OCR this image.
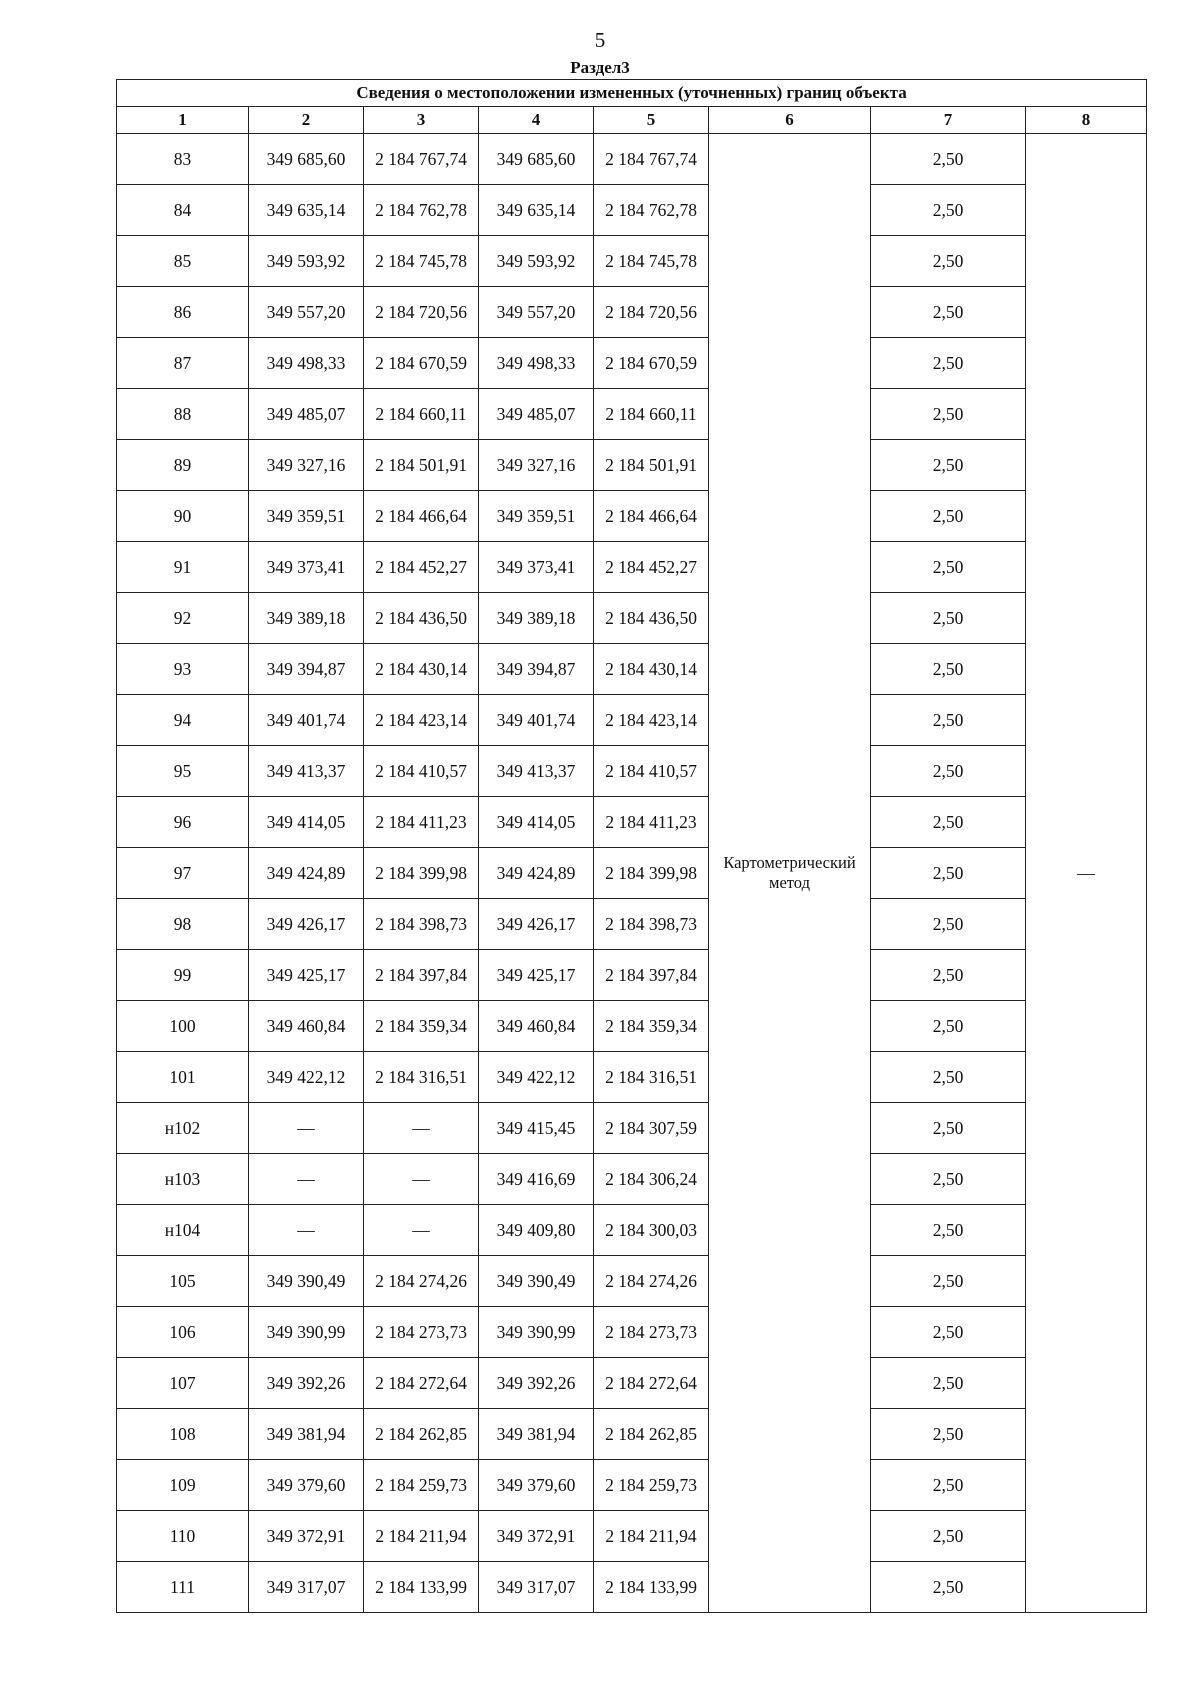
5
Раздел3
Сведения о местоположении измененных (уточненных) границ объекта							
1	2	3	4	5	6	7	8
83	349 685,60	2 184 767,74	349 685,60	2 184 767,74	Картометрический метод	2,50	—
84	349 635,14	2 184 762,78	349 635,14	2 184 762,78		2,50	
85	349 593,92	2 184 745,78	349 593,92	2 184 745,78		2,50	
86	349 557,20	2 184 720,56	349 557,20	2 184 720,56		2,50	
87	349 498,33	2 184 670,59	349 498,33	2 184 670,59		2,50	
88	349 485,07	2 184 660,11	349 485,07	2 184 660,11		2,50	
89	349 327,16	2 184 501,91	349 327,16	2 184 501,91		2,50	
90	349 359,51	2 184 466,64	349 359,51	2 184 466,64		2,50	
91	349 373,41	2 184 452,27	349 373,41	2 184 452,27		2,50	
92	349 389,18	2 184 436,50	349 389,18	2 184 436,50		2,50	
93	349 394,87	2 184 430,14	349 394,87	2 184 430,14		2,50	
94	349 401,74	2 184 423,14	349 401,74	2 184 423,14		2,50	
95	349 413,37	2 184 410,57	349 413,37	2 184 410,57		2,50	
96	349 414,05	2 184 411,23	349 414,05	2 184 411,23		2,50	
97	349 424,89	2 184 399,98	349 424,89	2 184 399,98		2,50	
98	349 426,17	2 184 398,73	349 426,17	2 184 398,73		2,50	
99	349 425,17	2 184 397,84	349 425,17	2 184 397,84		2,50	
100	349 460,84	2 184 359,34	349 460,84	2 184 359,34		2,50	
101	349 422,12	2 184 316,51	349 422,12	2 184 316,51		2,50	
н102	—	—	349 415,45	2 184 307,59		2,50	
н103	—	—	349 416,69	2 184 306,24		2,50	
н104	—	—	349 409,80	2 184 300,03		2,50	
105	349 390,49	2 184 274,26	349 390,49	2 184 274,26		2,50	
106	349 390,99	2 184 273,73	349 390,99	2 184 273,73		2,50	
107	349 392,26	2 184 272,64	349 392,26	2 184 272,64		2,50	
108	349 381,94	2 184 262,85	349 381,94	2 184 262,85		2,50	
109	349 379,60	2 184 259,73	349 379,60	2 184 259,73		2,50	
110	349 372,91	2 184 211,94	349 372,91	2 184 211,94		2,50	
111	349 317,07	2 184 133,99	349 317,07	2 184 133,99		2,50	
